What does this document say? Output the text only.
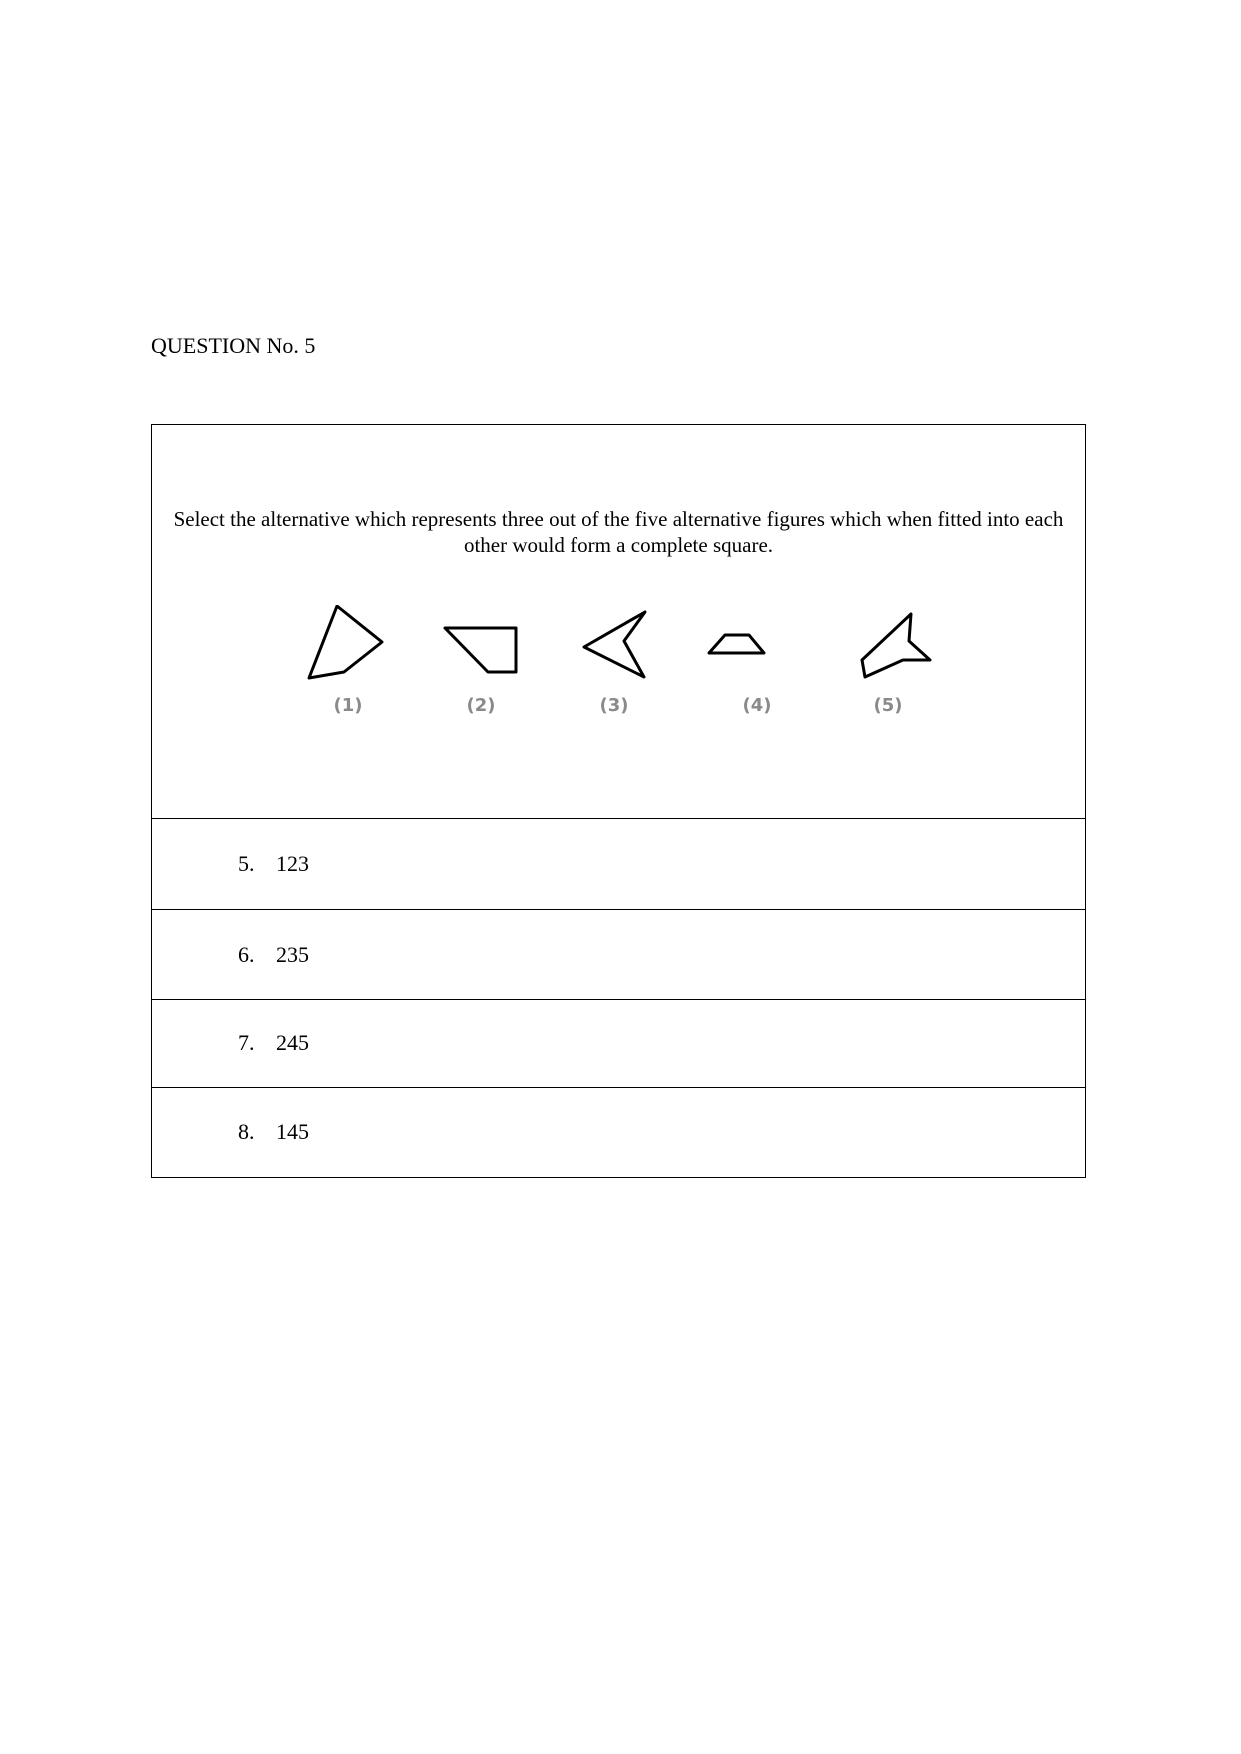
QUESTION No. 5
Select the alternative which represents three out of the five alternative figures which when fitted into each other would form a complete square.
(1)	(2)	(3)	(4)	(5)
5. 123
6. 235
7. 245
8. 145
